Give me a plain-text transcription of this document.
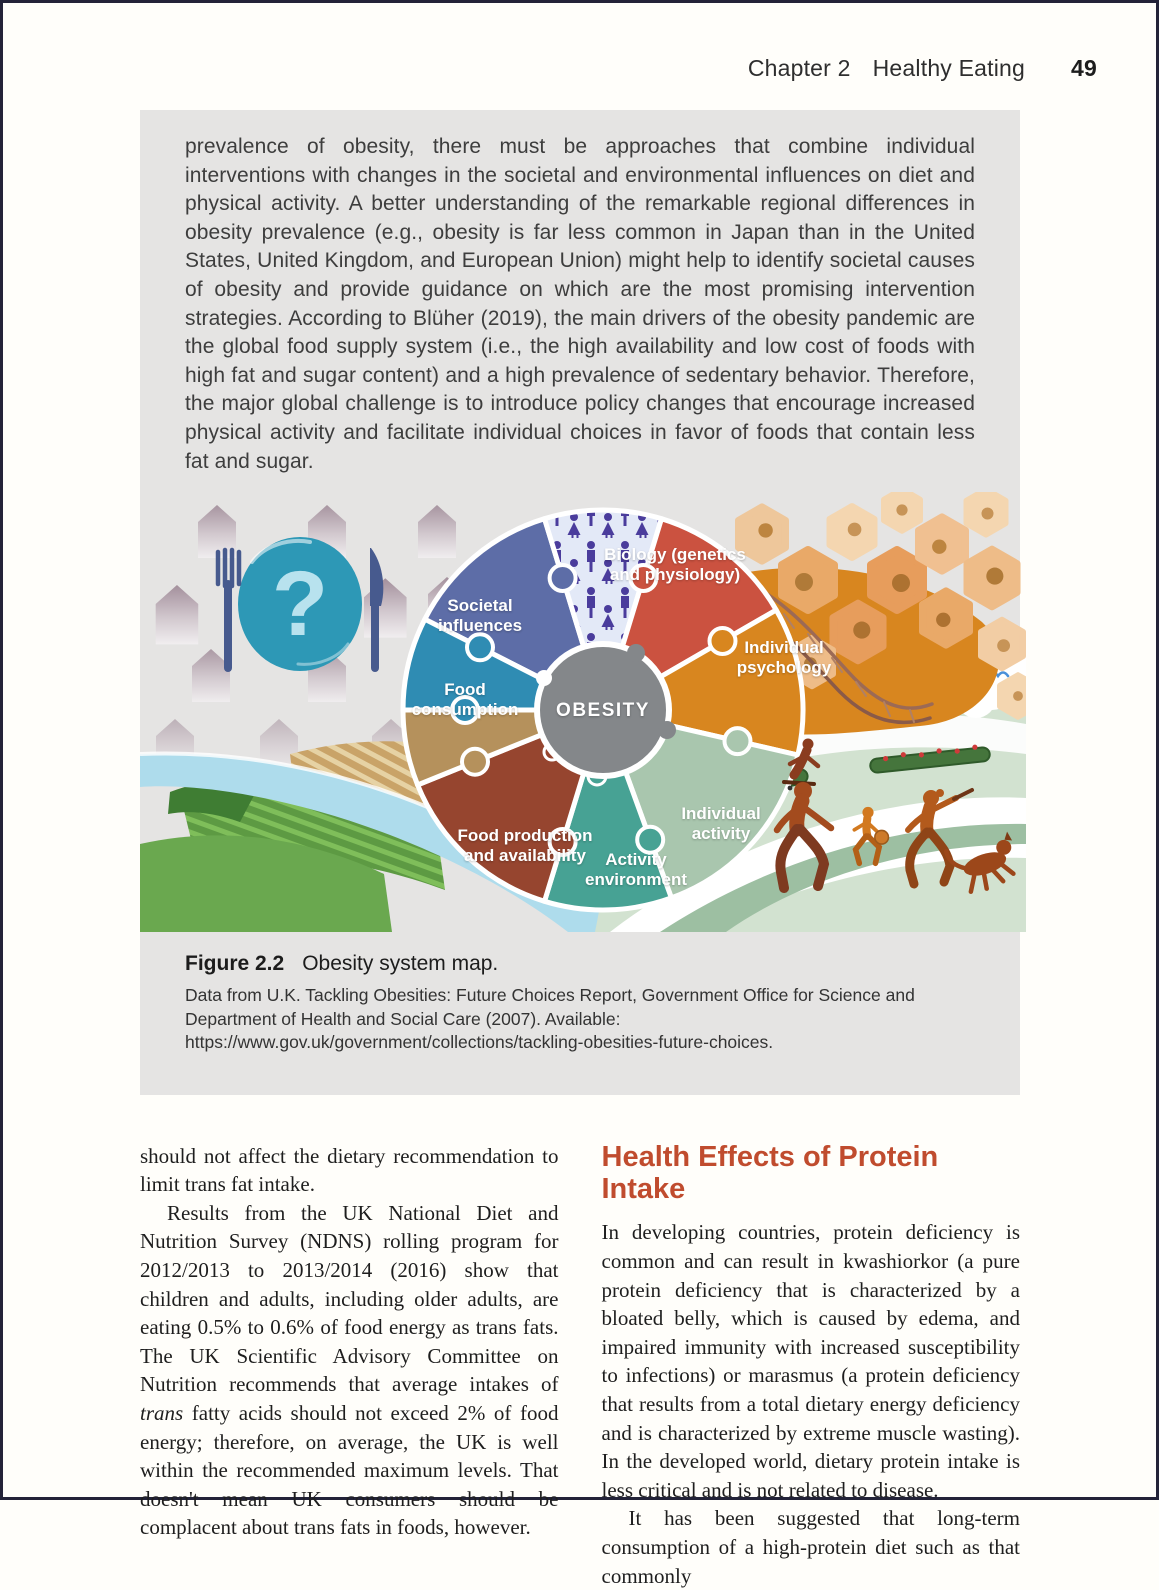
Chapter 2 Healthy Eating 49
prevalence of obesity, there must be approaches that combine individual interventions with changes in the societal and environmental influences on diet and physical activity. A better understanding of the remarkable regional differences in obesity prevalence (e.g., obesity is far less common in Japan than in the United States, United Kingdom, and European Union) might help to identify societal causes of obesity and provide guidance on which are the most promising intervention strategies. According to Blüher (2019), the main drivers of the obesity pandemic are the global food supply system (i.e., the high availability and low cost of foods with high fat and sugar content) and a high prevalence of sedentary behavior. Therefore, the major global challenge is to introduce policy changes that encourage increased physical activity and facilitate individual choices in favor of foods that contain less fat and sugar.
?	Societal influences
Biology (genetics and physiology)
Individual psychology
Food consumption	OBESITY
Food production and availability	Activity environment
Individual activity
Figure 2.2 Obesity system map.
Data from U.K. Tackling Obesities: Future Choices Report, Government Office for Science and Department of Health and Social Care (2007). Available: https://www.gov.uk/government/collections/tackling-obesities-future-choices.

should not affect the dietary recommendation to limit trans fat intake.

Results from the UK National Diet and Nutrition Survey (NDNS) rolling program for 2012/2013 to 2013/2014 (2016) show that children and adults, including older adults, are eating 0.5% to 0.6% of food energy as trans fats. The UK Scientific Advisory Committee on Nutrition recommends that average intakes of trans fatty acids should not exceed 2% of food energy; therefore, on average, the UK is well within the recommended maximum levels. That doesn't mean UK consumers should be complacent about trans fats in foods, however.

Health Effects of Protein Intake

In developing countries, protein deficiency is common and can result in kwashiorkor (a pure protein deficiency that is characterized by a bloated belly, which is caused by edema, and impaired immunity with increased susceptibility to infections) or marasmus (a protein deficiency that results from a total dietary energy deficiency and is characterized by extreme muscle wasting). In the developed world, dietary protein intake is less critical and is not related to disease.

It has been suggested that long-term consumption of a high-protein diet such as that commonly
